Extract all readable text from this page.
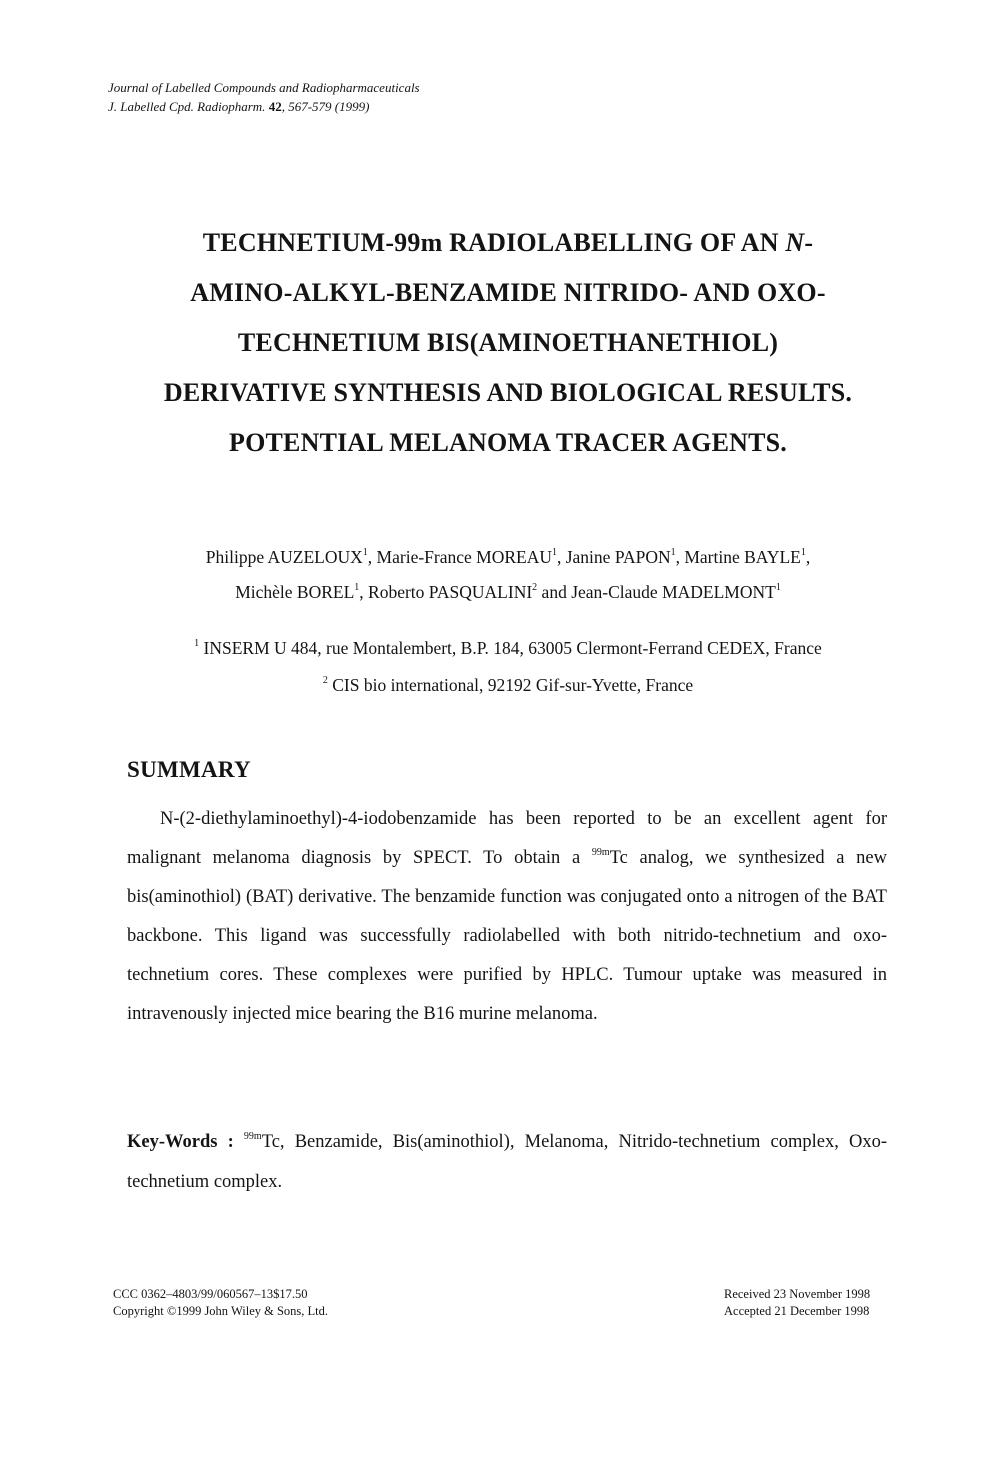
Journal of Labelled Compounds and Radiopharmaceuticals
J. Labelled Cpd. Radiopharm. 42, 567-579 (1999)
TECHNETIUM-99m RADIOLABELLING OF AN N-
AMINO-ALKYL-BENZAMIDE NITRIDO- AND OXO-
TECHNETIUM BIS(AMINOETHANETHIOL)
DERIVATIVE SYNTHESIS AND BIOLOGICAL RESULTS.
POTENTIAL MELANOMA TRACER AGENTS.
Philippe AUZELOUX$^1$, Marie-France MOREAU$^1$, Janine PAPON$^1$, Martine BAYLE$^1$,
Michèle BOREL$^1$, Roberto PASQUALINI$^2$ and Jean-Claude MADELMONT$^1$
$^1$ INSERM U 484, rue Montalembert, B.P. 184, 63005 Clermont-Ferrand CEDEX, France
$^2$ CIS bio international, 92192 Gif-sur-Yvette, France
SUMMARY
N-(2-diethylaminoethyl)-4-iodobenzamide has been reported to be an excellent agent for malignant melanoma diagnosis by SPECT. To obtain a $^{99m}$Tc analog, we synthesized a new bis(aminothiol) (BAT) derivative. The benzamide function was conjugated onto a nitrogen of the BAT backbone. This ligand was successfully radiolabelled with both nitrido-technetium and oxo-technetium cores. These complexes were purified by HPLC. Tumour uptake was measured in intravenously injected mice bearing the B16 murine melanoma.
Key-Words : $^{99m}$Tc, Benzamide, Bis(aminothiol), Melanoma, Nitrido-technetium complex, Oxo-technetium complex.
CCC 0362–4803/99/060567–13$17.50
Copyright ©1999 John Wiley & Sons, Ltd.
Received 23 November 1998
Accepted 21 December 1998
